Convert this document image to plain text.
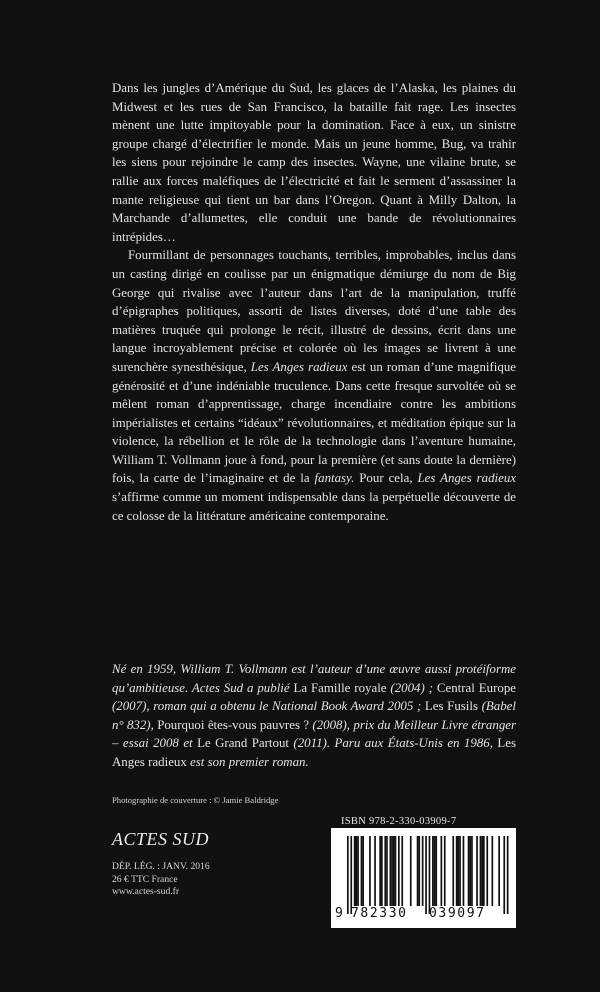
Dans les jungles d’Amérique du Sud, les glaces de l’Alaska, les plaines du Midwest et les rues de San Francisco, la bataille fait rage. Les insectes mènent une lutte impitoyable pour la domination. Face à eux, un sinistre groupe chargé d’électrifier le monde. Mais un jeune homme, Bug, va trahir les siens pour rejoindre le camp des insectes. Wayne, une vilaine brute, se rallie aux forces maléfiques de l’électricité et fait le serment d’assassiner la mante religieuse qui tient un bar dans l’Oregon. Quant à Milly Dalton, la Marchande d’allumettes, elle conduit une bande de révolutionnaires intrépides…

Fourmillant de personnages touchants, terribles, improbables, inclus dans un casting dirigé en coulisse par un énigmatique démiurge du nom de Big George qui rivalise avec l’auteur dans l’art de la manipulation, truffé d’épigraphes politiques, assorti de listes diverses, doté d’une table des matières truquée qui prolonge le récit, illustré de dessins, écrit dans une langue incroyablement précise et colorée où les images se livrent à une surenchère synesthésique, Les Anges radieux est un roman d’une magnifique générosité et d’une indéniable truculence. Dans cette fresque survoltée où se mêlent roman d’apprentissage, charge incendiaire contre les ambitions impérialistes et certains “idéaux” révolutionnaires, et méditation épique sur la violence, la rébellion et le rôle de la technologie dans l’aventure humaine, William T. Vollmann joue à fond, pour la première (et sans doute la dernière) fois, la carte de l’imaginaire et de la fantasy. Pour cela, Les Anges radieux s’affirme comme un moment indispensable dans la perpétuelle découverte de ce colosse de la littérature américaine contemporaine.

Né en 1959, William T. Vollmann est l’auteur d’une œuvre aussi protéiforme qu’ambitieuse. Actes Sud a publié La Famille royale (2004) ; Central Europe (2007), roman qui a obtenu le National Book Award 2005 ; Les Fusils (Babel n° 832), Pourquoi êtes-vous pauvres ? (2008), prix du Meilleur Livre étranger – essai 2008 et Le Grand Partout (2011). Paru aux États-Unis en 1986, Les Anges radieux est son premier roman.

Photographie de couverture : © Jamie Baldridge
ISBN 978-2-330-03909-7
ACTES SUD
DÉP. LÉG. : JANV. 2016
26 € TTC France
www.actes-sud.fr
9 782330 039097
